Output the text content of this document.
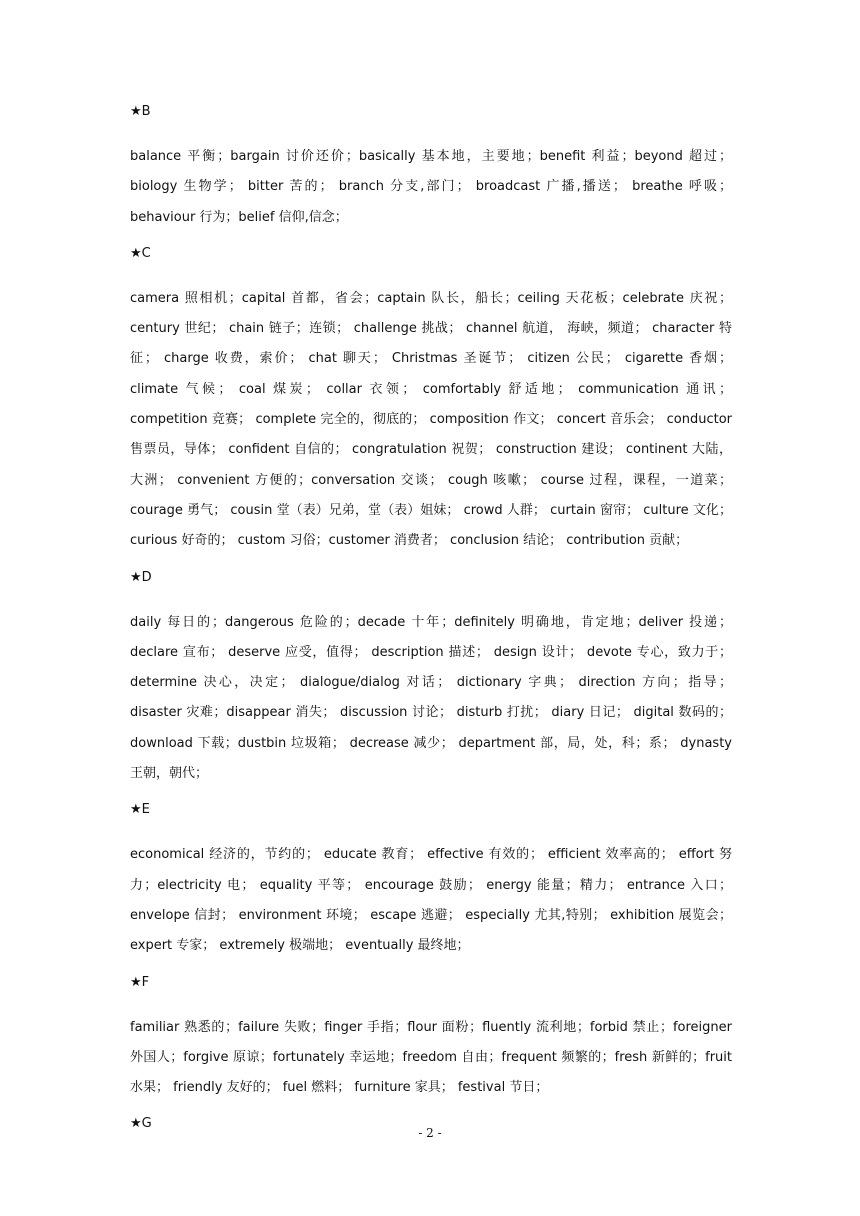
★B
balance 平衡；bargain 讨价还价；basically 基本地，主要地；benefit 利益；beyond 超过；biology 生物学； bitter 苦的； branch 分支,部门； broadcast 广播,播送； breathe 呼吸； behaviour 行为；belief 信仰,信念；
★C
camera 照相机；capital 首都，省会；captain 队长，船长；ceiling 天花板；celebrate 庆祝；century 世纪； chain 链子；连锁； challenge 挑战； channel 航道， 海峡，频道； character 特征； charge 收费，索价； chat 聊天； Christmas 圣诞节； citizen 公民； cigarette 香烟； climate 气候； coal 煤炭； collar 衣领； comfortably 舒适地； communication 通讯； competition 竞赛； complete 完全的，彻底的； composition 作文； concert 音乐会； conductor 售票员，导体； confident 自信的； congratulation 祝贺； construction 建设； continent 大陆， 大洲； convenient 方便的；conversation 交谈； cough 咳嗽； course 过程，课程，一道菜； courage 勇气； cousin 堂（表）兄弟，堂（表）姐妹； crowd 人群； curtain 窗帘； culture 文化； curious 好奇的； custom 习俗；customer 消费者； conclusion 结论； contribution 贡献；
★D
daily 每日的；dangerous 危险的；decade 十年；definitely 明确地，肯定地；deliver 投递；declare 宣布； deserve 应受，值得； description 描述； design 设计； devote 专心，致力于； determine 决心，决定； dialogue/dialog 对话； dictionary 字典； direction 方向；指导； disaster 灾难；disappear 消失； discussion 讨论； disturb 打扰； diary 日记； digital 数码的； download 下载；dustbin 垃圾箱； decrease 减少； department 部，局，处，科；系； dynasty 王朝，朝代；
★E
economical 经济的，节约的； educate 教育； effective 有效的； efficient 效率高的； effort 努力；electricity 电； equality 平等； encourage 鼓励； energy 能量；精力； entrance 入口； envelope 信封； environment 环境； escape 逃避； especially 尤其,特别； exhibition 展览会； expert 专家； extremely 极端地； eventually 最终地；
★F
familiar 熟悉的；failure 失败；finger 手指；flour 面粉；fluently 流利地；forbid 禁止；foreigner 外国人；forgive 原谅；fortunately 幸运地；freedom 自由；frequent 频繁的；fresh 新鲜的；fruit 水果； friendly 友好的； fuel 燃料； furniture 家具； festival 节日；
★G
- 2 -
